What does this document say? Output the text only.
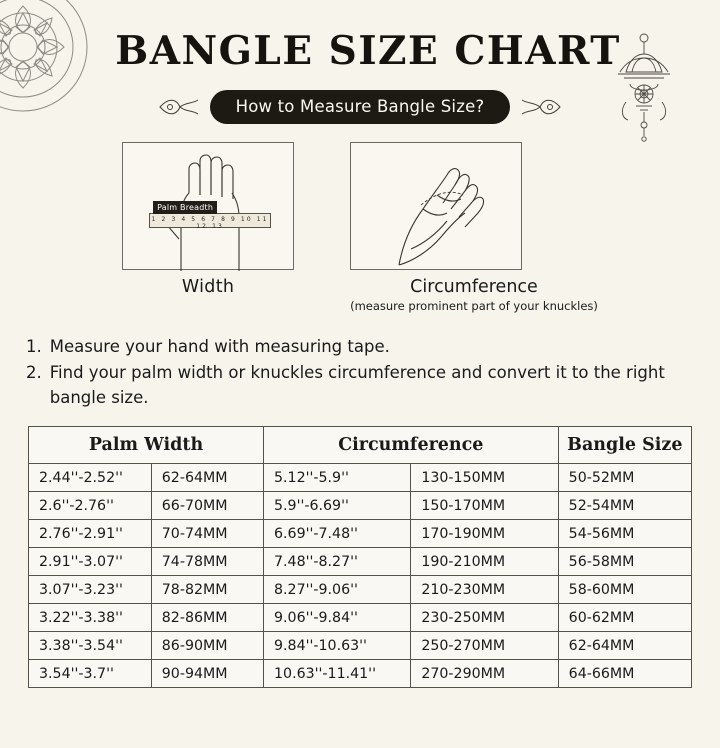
BANGLE SIZE CHART
How to Measure Bangle Size?
1 2 3 4 5 6 7 8 9 10 11 12 13
Palm Breadth
Width	Circumference
(measure prominent part of your knuckles)
1. Measure your hand with measuring tape.
2. Find your palm width or knuckles circumference and convert it to the right bangle size.
Palm Width		Circumference		Bangle Size
2.44''-2.52''	62-64MM	5.12''-5.9''	130-150MM	50-52MM
2.6''-2.76''	66-70MM	5.9''-6.69''	150-170MM	52-54MM
2.76''-2.91''	70-74MM	6.69''-7.48''	170-190MM	54-56MM
2.91''-3.07''	74-78MM	7.48''-8.27''	190-210MM	56-58MM
3.07''-3.23''	78-82MM	8.27''-9.06''	210-230MM	58-60MM
3.22''-3.38''	82-86MM	9.06''-9.84''	230-250MM	60-62MM
3.38''-3.54''	86-90MM	9.84''-10.63''	250-270MM	62-64MM
3.54''-3.7''	90-94MM	10.63''-11.41''	270-290MM	64-66MM
